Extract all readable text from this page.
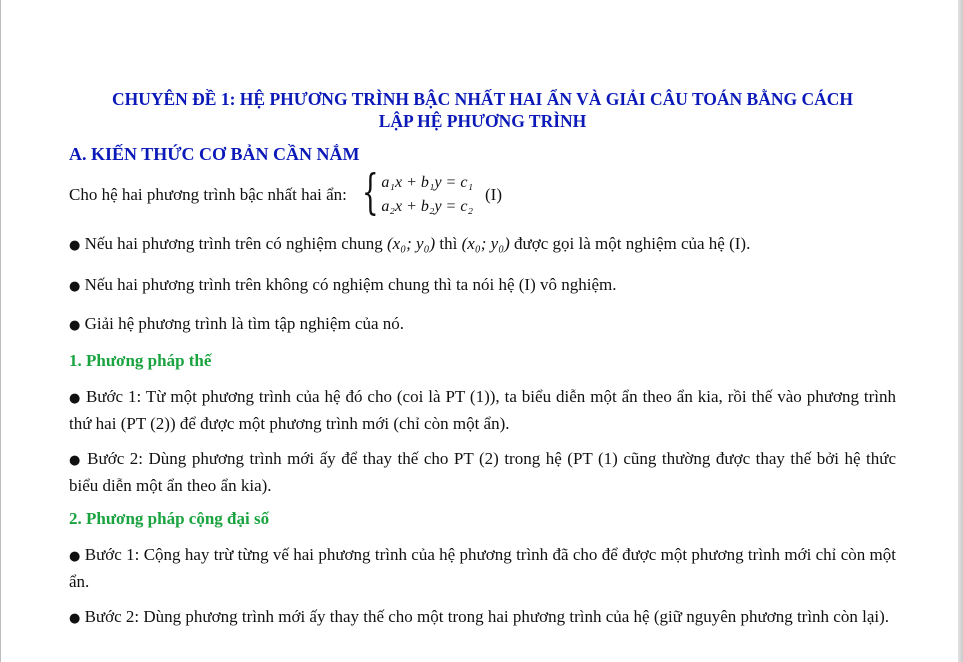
CHUYÊN ĐỀ 1: HỆ PHƯƠNG TRÌNH BẬC NHẤT HAI ẨN VÀ GIẢI CÂU TOÁN BẰNG CÁCH
LẬP HỆ PHƯƠNG TRÌNH
A. KIẾN THỨC CƠ BẢN CẦN NẮM
Cho hệ hai phương trình bậc nhất hai ẩn: { a₁x + b₁y = c₁
a₂x + b₂y = c₂
(I)
● Nếu hai phương trình trên có nghiệm chung (x₀; y₀) thì (x₀; y₀) được gọi là một nghiệm của hệ (I).
● Nếu hai phương trình trên không có nghiệm chung thì ta nói hệ (I) vô nghiệm.
● Giải hệ phương trình là tìm tập nghiệm của nó.
1. Phương pháp thế
● Bước 1: Từ một phương trình của hệ đó cho (coi là PT (1)), ta biểu diễn một ẩn theo ẩn kia, rồi thế vào phương trình thứ hai (PT (2)) để được một phương trình mới (chỉ còn một ẩn).
● Bước 2: Dùng phương trình mới ấy để thay thế cho PT (2) trong hệ (PT (1) cũng thường được thay thế bởi hệ thức biểu diễn một ẩn theo ẩn kia).
2. Phương pháp cộng đại số
● Bước 1: Cộng hay trừ từng vế hai phương trình của hệ phương trình đã cho để được một phương trình mới chỉ còn một ẩn.
● Bước 2: Dùng phương trình mới ấy thay thế cho một trong hai phương trình của hệ (giữ nguyên phương trình còn lại).
